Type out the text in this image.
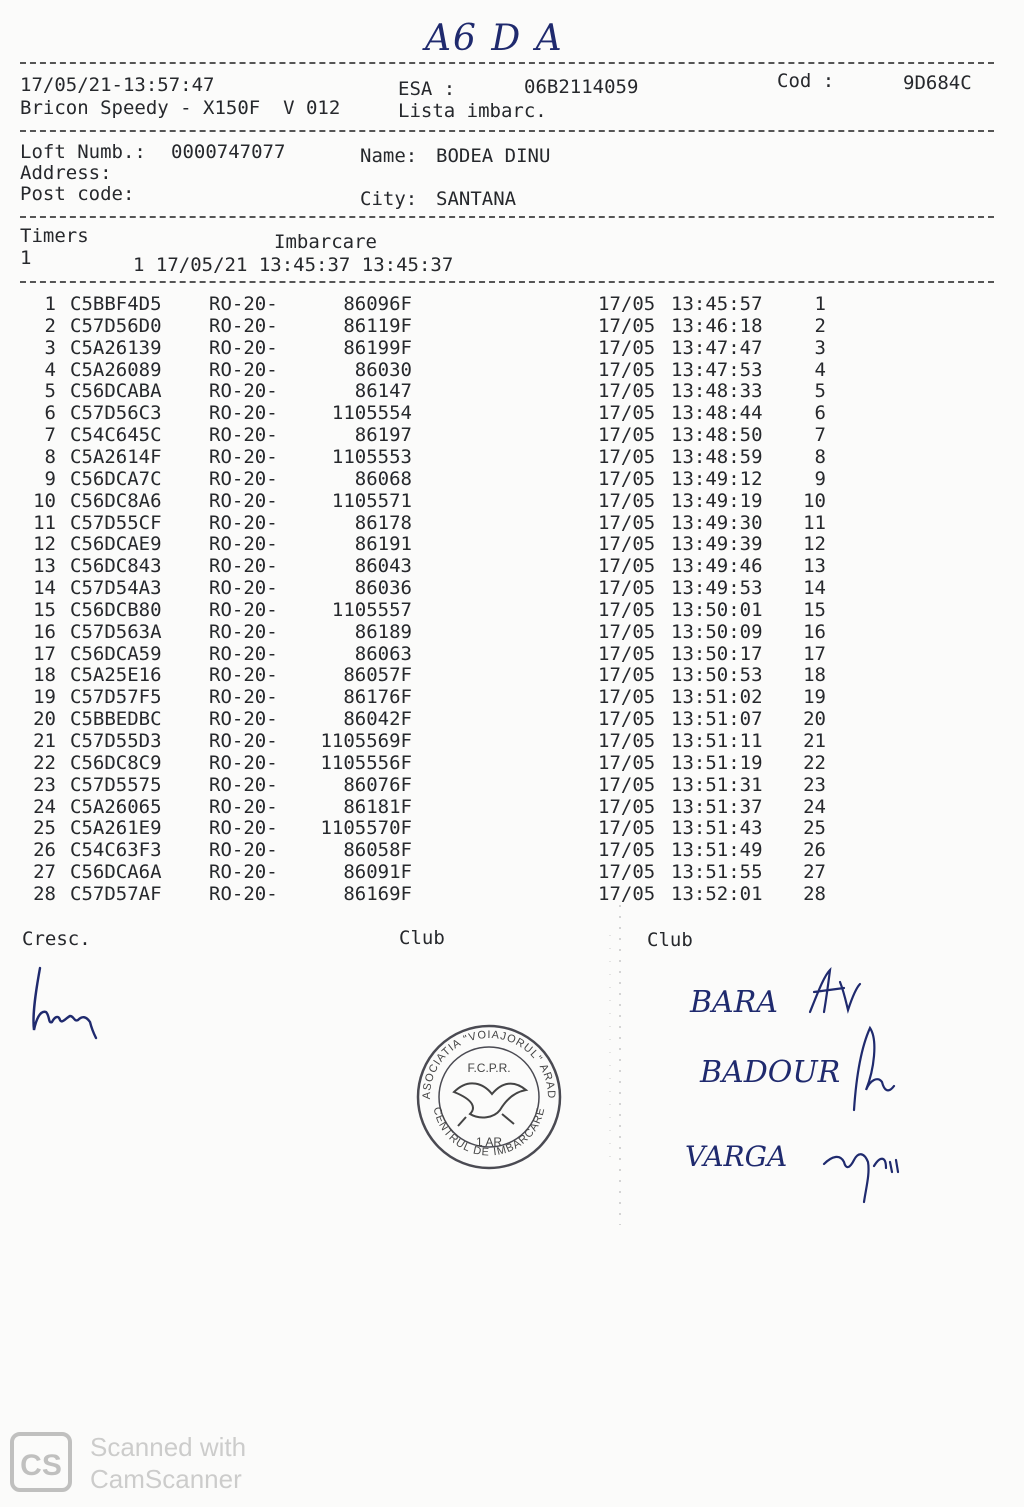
A6 D A
17/05/21-13:57:47	ESA :	06B2114059	Cod :	9D684C
Bricon Speedy - X150F  V 012	Lista imbarc.
Loft Numb.: 0000747077	Name: BODEA DINU
Address:
Post code:	City: SANTANA
Timers	Imbarcare
1	1 17/05/21 13:45:37 13:45:37
1 C5BBF4D5 RO-20-	86096F	17/05 13:45:57	1
2 C57D56D0 RO-20-	86119F	17/05 13:46:18	2
3 C5A26139 RO-20-	86199F	17/05 13:47:47	3
4 C5A26089 RO-20-	86030	17/05 13:47:53	4
5 C56DCABA RO-20-	86147	17/05 13:48:33	5
6 C57D56C3 RO-20-	1105554	17/05 13:48:44	6
7 C54C645C RO-20-	86197	17/05 13:48:50	7
8 C5A2614F RO-20-	1105553	17/05 13:48:59	8
9 C56DCA7C RO-20-	86068	17/05 13:49:12	9
10 C56DC8A6 RO-20-	1105571	17/05 13:49:19	10
11 C57D55CF RO-20-	86178	17/05 13:49:30	11
12 C56DCAE9 RO-20-	86191	17/05 13:49:39	12
13 C56DC843 RO-20-	86043	17/05 13:49:46	13
14 C57D54A3 RO-20-	86036	17/05 13:49:53	14
15 C56DCB80 RO-20-	1105557	17/05 13:50:01	15
16 C57D563A RO-20-	86189	17/05 13:50:09	16
17 C56DCA59 RO-20-	86063	17/05 13:50:17	17
18 C5A25E16 RO-20-	86057F	17/05 13:50:53	18
19 C57D57F5 RO-20-	86176F	17/05 13:51:02	19
20 C5BBEDBC RO-20-	86042F	17/05 13:51:07	20
21 C57D55D3 RO-20-	1105569F	17/05 13:51:11	21
22 C56DC8C9 RO-20-	1105556F	17/05 13:51:19	22
23 C57D5575 RO-20-	86076F	17/05 13:51:31	23
24 C5A26065 RO-20-	86181F	17/05 13:51:37	24
25 C5A261E9 RO-20-	1105570F	17/05 13:51:43	25
26 C54C63F3 RO-20-	86058F	17/05 13:51:49	26
27 C56DCA6A RO-20-	86091F	17/05 13:51:55	27
28 C57D57AF RO-20-	86169F	17/05 13:52:01	28
Cresc.	Club	Club
ASOCIATIA "VOIAJORUL" ARAD
CENTRUL DE IMBARCARE
F.C.P.R.
1 AR
BARA
BADOUR
VARGA
CS
Scanned with
CamScanner
